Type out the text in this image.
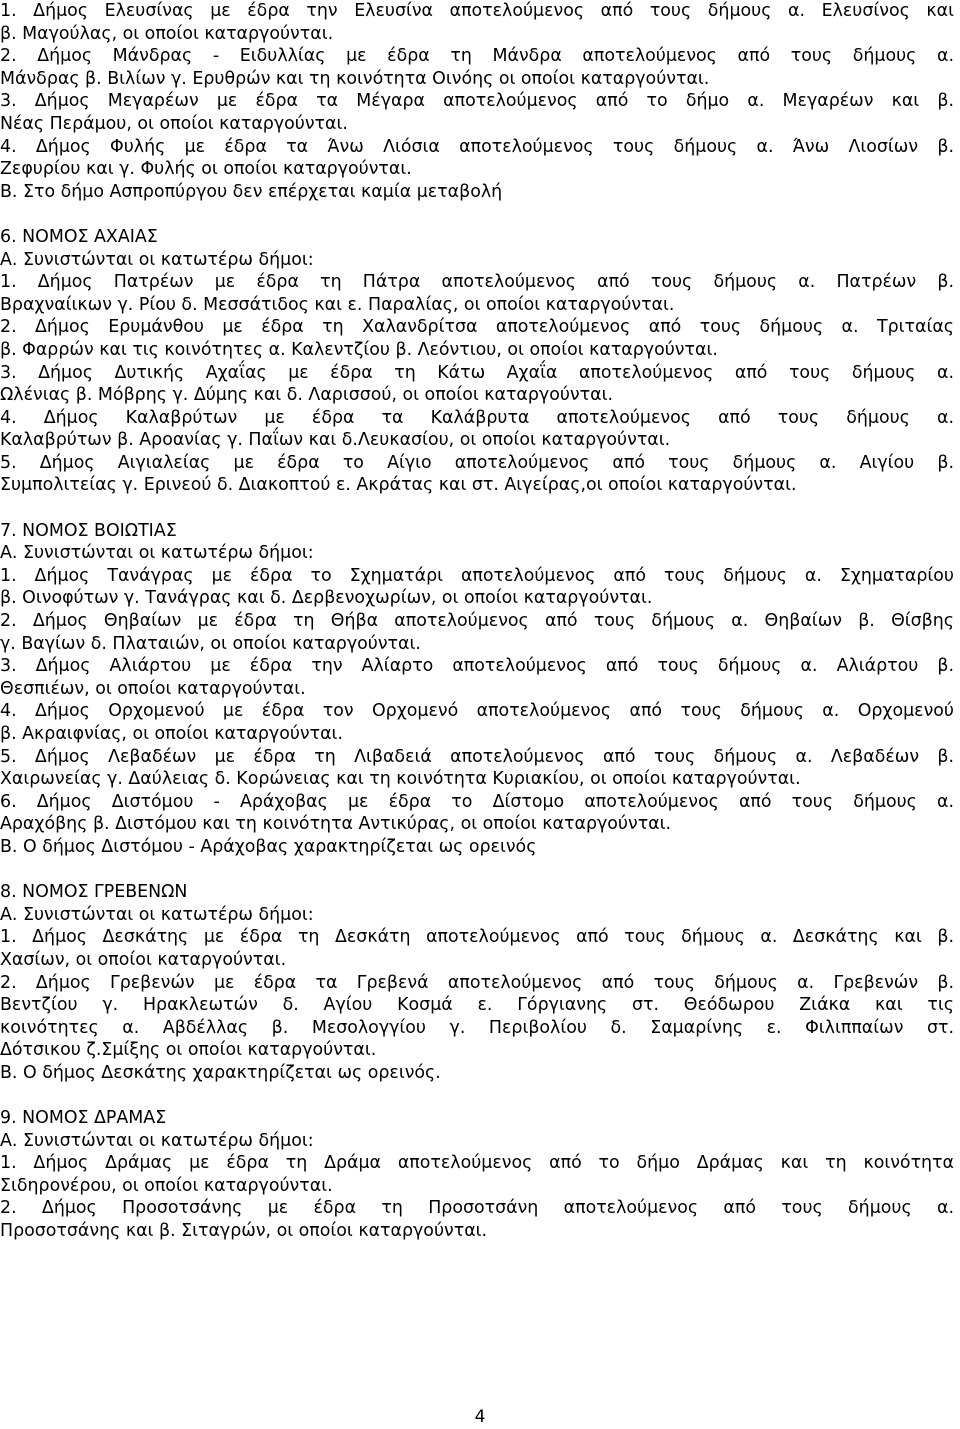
1. Δήμος Ελευσίνας με έδρα την Ελευσίνα αποτελούμενος από τους δήμους α. Ελευσίνος και
β. Μαγούλας, οι οποίοι καταργούνται.
2. Δήμος Μάνδρας - Ειδυλλίας με έδρα τη Μάνδρα αποτελούμενος από τους δήμους α.
Μάνδρας β. Βιλίων γ. Ερυθρών και τη κοινότητα Οινόης οι οποίοι καταργούνται.
3. Δήμος Μεγαρέων με έδρα τα Μέγαρα αποτελούμενος από το δήμο α. Μεγαρέων και β.
Νέας Περάμου, οι οποίοι καταργούνται.
4. Δήμος Φυλής με έδρα τα Άνω Λιόσια αποτελούμενος τους δήμους α. Άνω Λιοσίων β.
Ζεφυρίου και γ. Φυλής οι οποίοι καταργούνται.
Β. Στο δήμο Ασπροπύργου δεν επέρχεται καμία μεταβολή
6. ΝΟΜΟΣ ΑΧΑΙΑΣ
Α. Συνιστώνται οι κατωτέρω δήμοι:
1. Δήμος Πατρέων με έδρα τη Πάτρα αποτελούμενος από τους δήμους α. Πατρέων β.
Βραχναίικων γ. Ρίου δ. Μεσσάτιδος και ε. Παραλίας, οι οποίοι καταργούνται.
2. Δήμος Ερυμάνθου με έδρα τη Χαλανδρίτσα αποτελούμενος από τους δήμους α. Τριταίας
β. Φαρρών και τις κοινότητες α. Καλεντζίου β. Λεόντιου, οι οποίοι καταργούνται.
3. Δήμος Δυτικής Αχαΐας με έδρα τη Κάτω Αχαΐα αποτελούμενος από τους δήμους α.
Ωλένιας β. Μόβρης γ. Δύμης και δ. Λαρισσού, οι οποίοι καταργούνται.
4. Δήμος Καλαβρύτων με έδρα τα Καλάβρυτα αποτελούμενος από τους δήμους α.
Καλαβρύτων β. Αροανίας γ. Παΐων και δ.Λευκασίου, οι οποίοι καταργούνται.
5. Δήμος Αιγιαλείας με έδρα το Αίγιο αποτελούμενος από τους δήμους α. Αιγίου β.
Συμπολιτείας γ. Ερινεού δ. Διακοπτού ε. Ακράτας και στ. Αιγείρας,οι οποίοι καταργούνται.
7. ΝΟΜΟΣ ΒΟΙΩΤΙΑΣ
Α. Συνιστώνται οι κατωτέρω δήμοι:
1. Δήμος Τανάγρας με έδρα το Σχηματάρι αποτελούμενος από τους δήμους α. Σχηματαρίου
β. Οινοφύτων γ. Τανάγρας και δ. Δερβενοχωρίων, οι οποίοι καταργούνται.
2. Δήμος Θηβαίων με έδρα τη Θήβα αποτελούμενος από τους δήμους α. Θηβαίων β. Θίσβης
γ. Βαγίων δ. Πλαταιών, οι οποίοι καταργούνται.
3. Δήμος Αλιάρτου με έδρα την Αλίαρτο αποτελούμενος από τους δήμους α. Αλιάρτου β.
Θεσπιέων, οι οποίοι καταργούνται.
4. Δήμος Ορχομενού με έδρα τον Ορχομενό αποτελούμενος από τους δήμους α. Ορχομενού
β. Ακραιφνίας, οι οποίοι καταργούνται.
5. Δήμος Λεβαδέων με έδρα τη Λιβαδειά αποτελούμενος από τους δήμους α. Λεβαδέων β.
Χαιρωνείας γ. Δαύλειας δ. Κορώνειας και τη κοινότητα Κυριακίου, οι οποίοι καταργούνται.
6. Δήμος Διστόμου - Αράχοβας με έδρα το Δίστομο αποτελούμενος από τους δήμους α.
Αραχόβης β. Διστόμου και τη κοινότητα Αντικύρας, οι οποίοι καταργούνται.
Β. Ο δήμος Διστόμου - Αράχοβας χαρακτηρίζεται ως ορεινός
8. ΝΟΜΟΣ ΓΡΕΒΕΝΩΝ
Α. Συνιστώνται οι κατωτέρω δήμοι:
1. Δήμος Δεσκάτης με έδρα τη Δεσκάτη αποτελούμενος από τους δήμους α. Δεσκάτης και β.
Χασίων, οι οποίοι καταργούνται.
2. Δήμος Γρεβενών με έδρα τα Γρεβενά αποτελούμενος από τους δήμους α. Γρεβενών β.
Βεντζίου γ. Ηρακλεωτών δ. Αγίου Κοσμά ε. Γόργιανης στ. Θεόδωρου Ζιάκα και τις
κοινότητες α. Αβδέλλας β. Μεσολογγίου γ. Περιβολίου δ. Σαμαρίνης ε. Φιλιππαίων στ.
Δότσικου ζ.Σμίξης οι οποίοι καταργούνται.
Β. Ο δήμος Δεσκάτης χαρακτηρίζεται ως ορεινός.
9. ΝΟΜΟΣ ΔΡΑΜΑΣ
Α. Συνιστώνται οι κατωτέρω δήμοι:
1. Δήμος Δράμας με έδρα τη Δράμα αποτελούμενος από το δήμο Δράμας και τη κοινότητα
Σιδηρονέρου, οι οποίοι καταργούνται.
2. Δήμος Προσοτσάνης με έδρα τη Προσοτσάνη αποτελούμενος από τους δήμους α.
Προσοτσάνης και β. Σιταγρών, οι οποίοι καταργούνται.
4
